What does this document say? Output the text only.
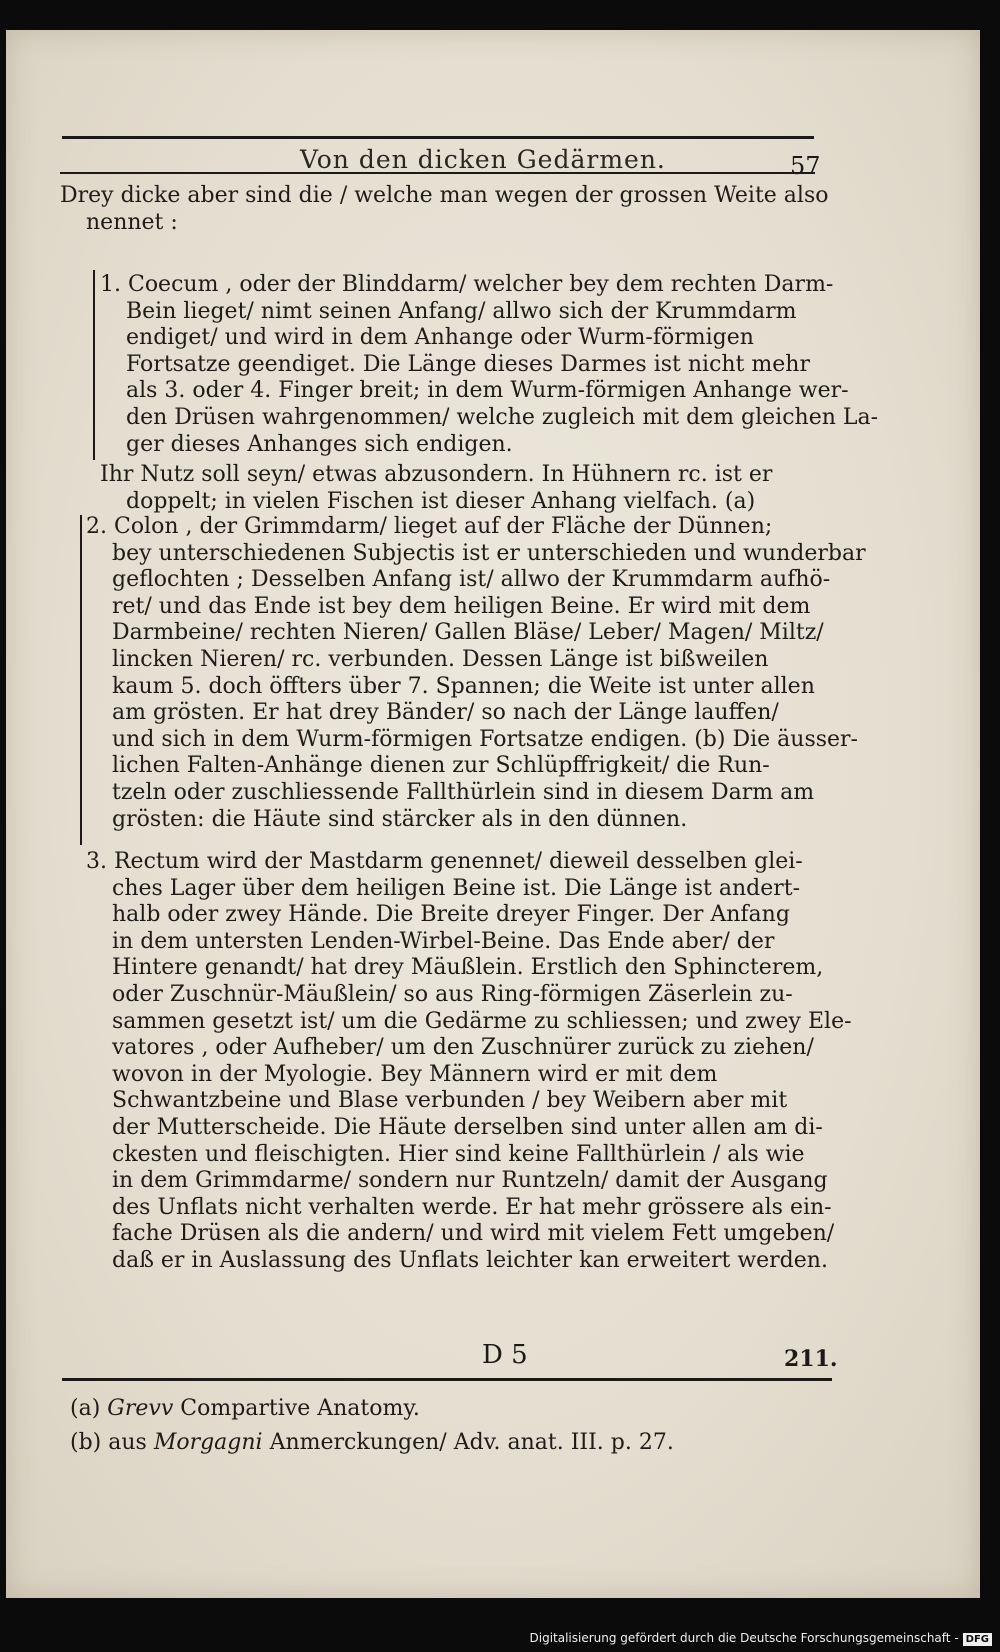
Von den dicken Gedärmen.	57
Drey dicke aber sind die / welche man wegen der grossen Weite also
nennet :
1. Coecum , oder der Blinddarm/ welcher bey dem rechten Darm-
Bein lieget/ nimt seinen Anfang/ allwo sich der Krummdarm
endiget/ und wird in dem Anhange oder Wurm-förmigen
Fortsatze geendiget. Die Länge dieses Darmes ist nicht mehr
als 3. oder 4. Finger breit; in dem Wurm-förmigen Anhange wer-
den Drüsen wahrgenommen/ welche zugleich mit dem gleichen La-
ger dieses Anhanges sich endigen.
Ihr Nutz soll seyn/ etwas abzusondern. In Hühnern rc. ist er
doppelt; in vielen Fischen ist dieser Anhang vielfach. (a)
2. Colon , der Grimmdarm/ lieget auf der Fläche der Dünnen;
bey unterschiedenen Subjectis ist er unterschieden und wunderbar
geflochten ; Desselben Anfang ist/ allwo der Krummdarm aufhö-
ret/ und das Ende ist bey dem heiligen Beine. Er wird mit dem
Darmbeine/ rechten Nieren/ Gallen Bläse/ Leber/ Magen/ Miltz/
lincken Nieren/ rc. verbunden. Dessen Länge ist bißweilen
kaum 5. doch öffters über 7. Spannen; die Weite ist unter allen
am grösten. Er hat drey Bänder/ so nach der Länge lauffen/
und sich in dem Wurm-förmigen Fortsatze endigen. (b) Die äusser-
lichen Falten-Anhänge dienen zur Schlüpffrigkeit/ die Run-
tzeln oder zuschliessende Fallthürlein sind in diesem Darm am
grösten: die Häute sind stärcker als in den dünnen.
3. Rectum wird der Mastdarm genennet/ dieweil desselben glei-
ches Lager über dem heiligen Beine ist. Die Länge ist andert-
halb oder zwey Hände. Die Breite dreyer Finger. Der Anfang
in dem untersten Lenden-Wirbel-Beine. Das Ende aber/ der
Hintere genandt/ hat drey Mäußlein. Erstlich den Sphincterem,
oder Zuschnür-Mäußlein/ so aus Ring-förmigen Zäserlein zu-
sammen gesetzt ist/ um die Gedärme zu schliessen; und zwey Ele-
vatores , oder Aufheber/ um den Zuschnürer zurück zu ziehen/
wovon in der Myologie. Bey Männern wird er mit dem
Schwantzbeine und Blase verbunden / bey Weibern aber mit
der Mutterscheide. Die Häute derselben sind unter allen am di-
ckesten und fleischigten. Hier sind keine Fallthürlein / als wie
in dem Grimmdarme/ sondern nur Runtzeln/ damit der Ausgang
des Unflats nicht verhalten werde. Er hat mehr grössere als ein-
fache Drüsen als die andern/ und wird mit vielem Fett umgeben/
daß er in Auslassung des Unflats leichter kan erweitert werden.
D 5	211.
(a) Grevv Compartive Anatomy.
(b) aus Morgagni Anmerckungen/ Adv. anat. III. p. 27.
Digitalisierung gefördert durch die Deutsche Forschungsgemeinschaft - DFG
